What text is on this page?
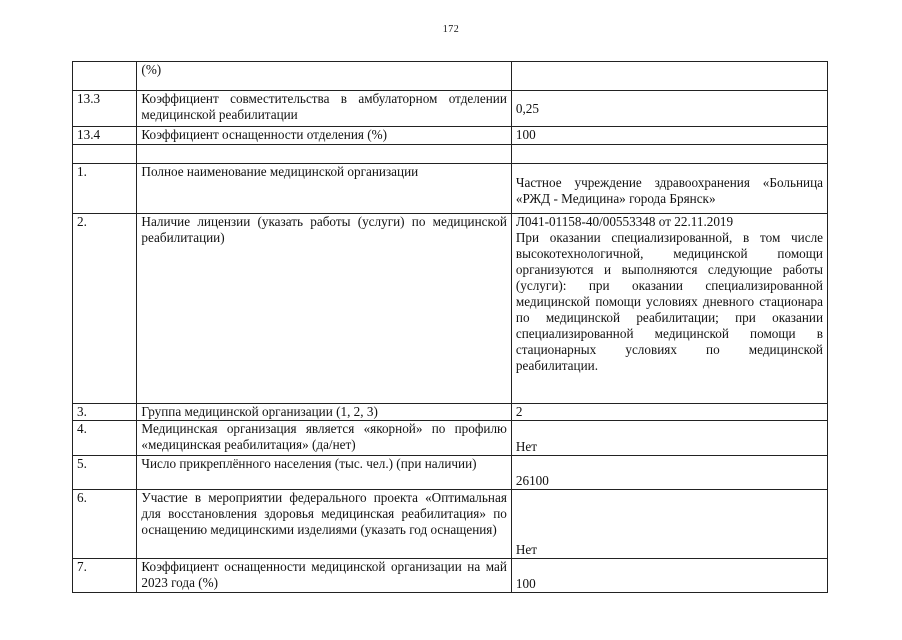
172
	(%)	
13.3	Коэффициент совместительства в амбулаторном отделении медицинской реабилитации	0,25
13.4	Коэффициент оснащенности отделения (%)	100

1.	Полное наименование медицинской организации	Частное учреждение здравоохранения «Больница «РЖД - Медицина» города Брянск»
2.	Наличие лицензии (указать работы (услуги) по медицинской реабилитации)	Л041-01158-40/00553348 от 22.11.2019
При оказании специализированной, в том числе высокотехнологичной, медицинской помощи организуются и выполняются следующие работы (услуги): при оказании специализированной медицинской помощи условиях дневного стационара по медицинской реабилитации; при оказании специализированной медицинской помощи в стационарных условиях по медицинской реабилитации.
3.	Группа медицинской организации (1, 2, 3)	2
4.	Медицинская организация является «якорной» по профилю «медицинская реабилитация» (да/нет)	Нет
5.	Число прикреплённого населения (тыс. чел.) (при наличии)	26100
6.	Участие в мероприятии федерального проекта «Оптимальная для восстановления здоровья медицинская реабилитация» по оснащению медицинскими изделиями (указать год оснащения)	Нет
7.	Коэффициент оснащенности медицинской организации на май 2023 года (%)	100
